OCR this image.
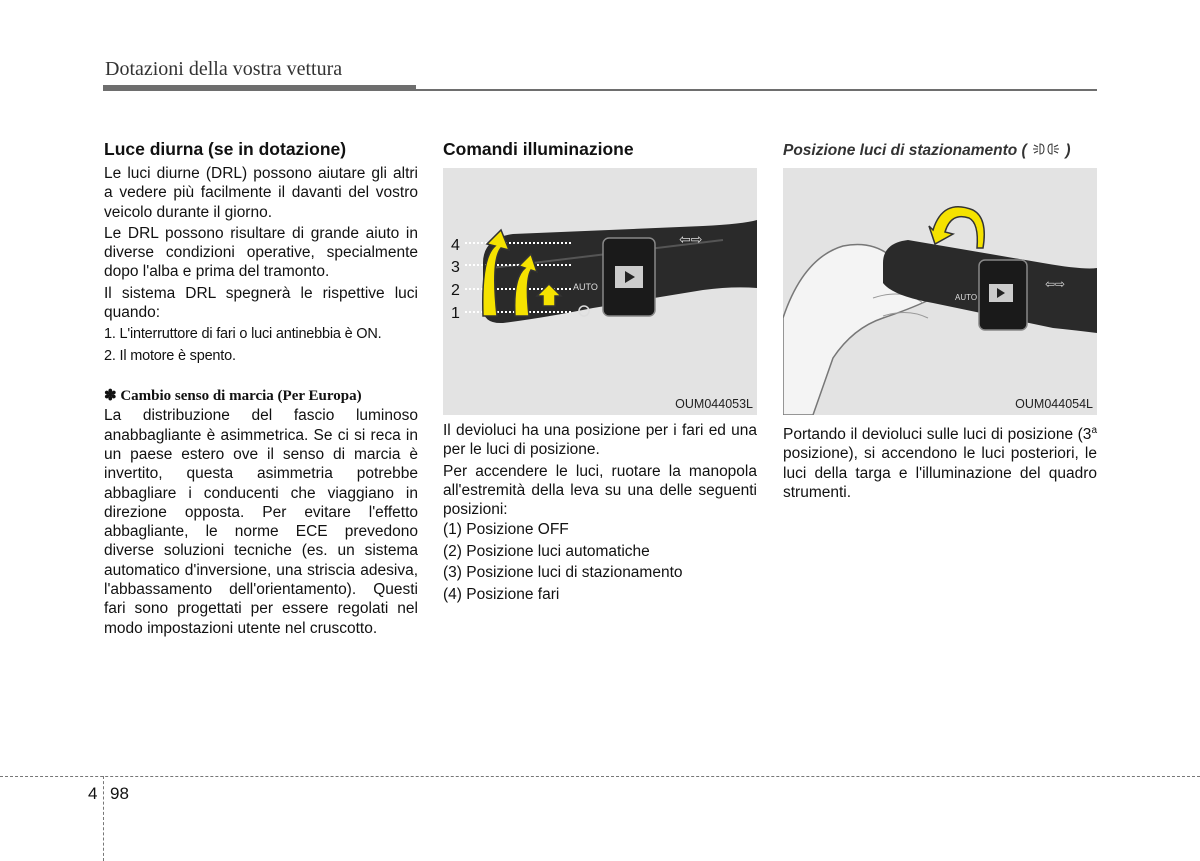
Dotazioni della vostra vettura
Luce diurna (se in dotazione)

Le luci diurne (DRL) possono aiutare gli altri a vedere più facilmente il davanti del vostro veicolo durante il giorno.

Le DRL possono risultare di grande aiuto in diverse condizioni operative, specialmente dopo l'alba e prima del tramonto.

Il sistema DRL spegnerà le rispettive luci quando:

1. L'interruttore di fari o luci antinebbia è ON.
2. Il motore è spento.
✽ Cambio senso di marcia (Per Europa)

La distribuzione del fascio luminoso anabbagliante è asimmetrica. Se ci si reca in un paese estero ove il senso di marcia è invertito, questa asimmetria potrebbe abbagliare i conducenti che viaggiano in direzione opposta. Per evitare l'effetto abbagliante, le norme ECE prevedono diverse soluzioni tecniche (es. un sistema automatico d'inversione, una striscia adesiva, l'abbassamento dell'orientamento). Questi fari sono progettati per essere regolati nel modo impostazioni utente nel cruscotto.

Comandi illuminazione
AUTO
⇦⇨
4
3
2
1
OUM044053L

Il devioluci ha una posizione per i fari ed una per le luci di posizione.

Per accendere le luci, ruotare la manopola all'estremità della leva su una delle seguenti posizioni:

(1) Posizione OFF

(2) Posizione luci automatiche

(3) Posizione luci di stazionamento

(4) Posizione fari

Posizione luci di stazionamento ( )
AUTO
⇦⇨
OUM044054L

Portando il devioluci sulle luci di posizione (3$^a$ posizione), si accendono le luci posteriori, le luci della targa e l'illuminazione del quadro strumenti.

4 98
